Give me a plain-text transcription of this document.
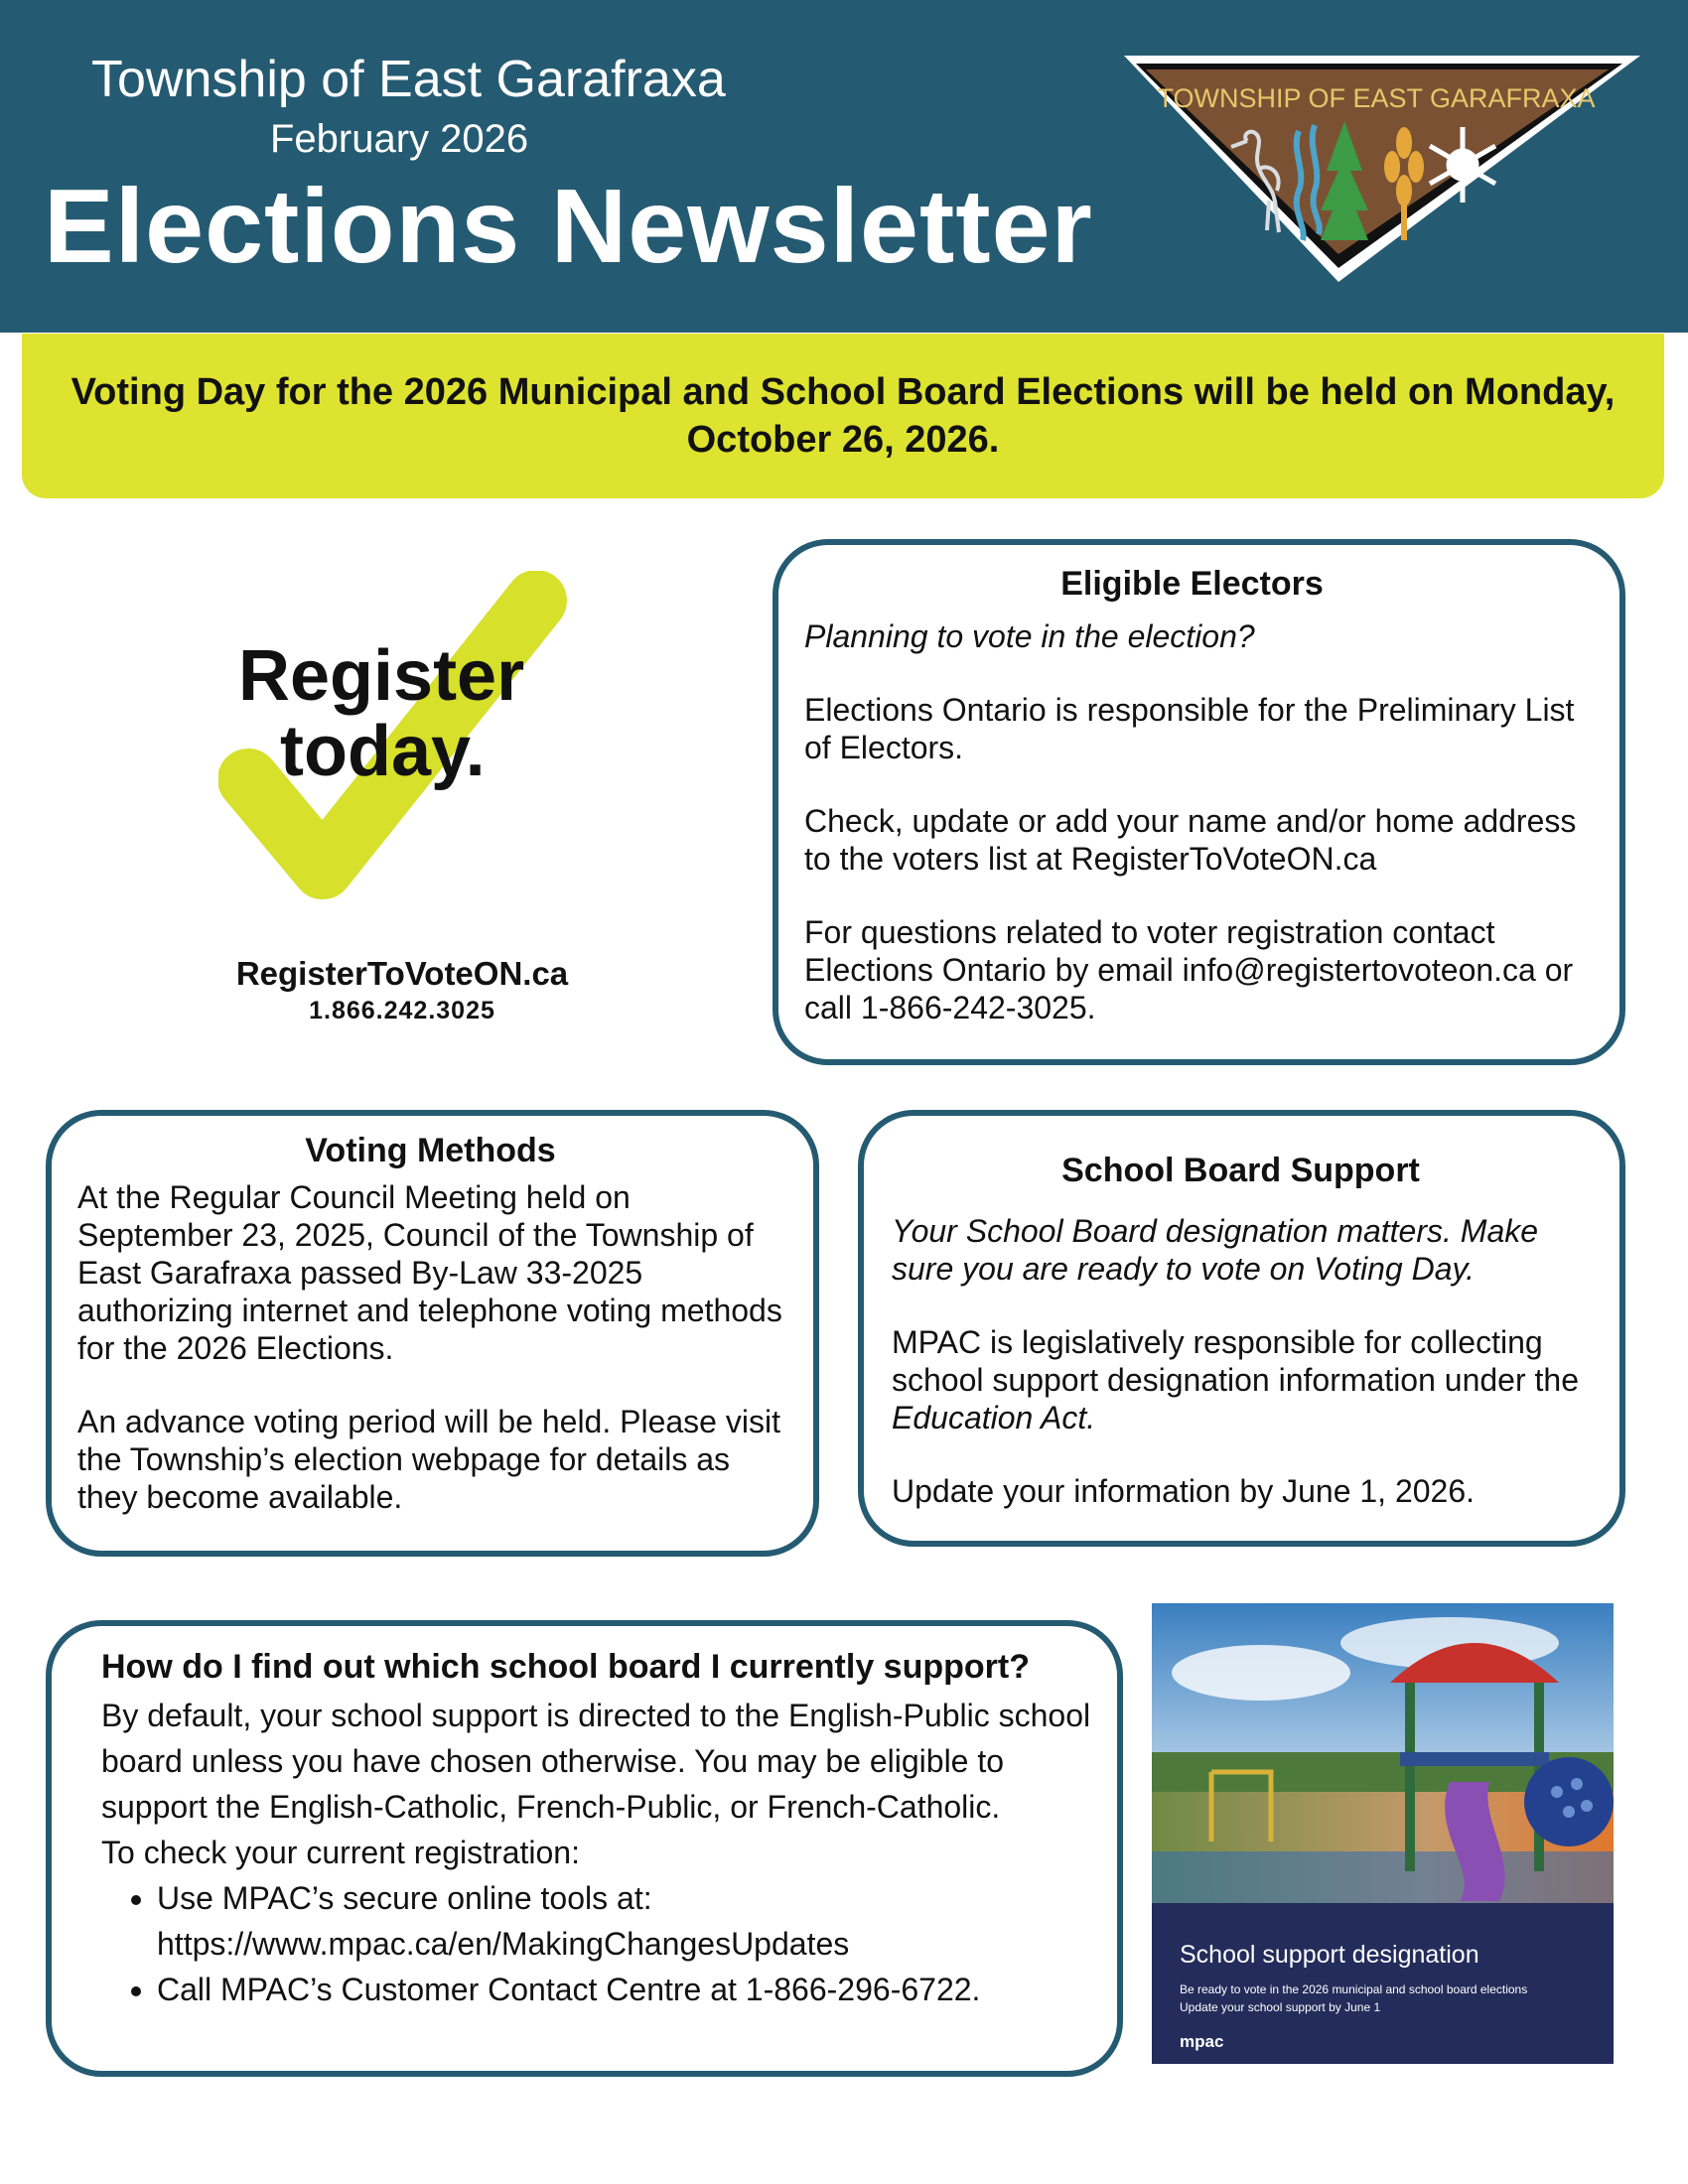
Township of East Garafraxa
February 2026
Elections Newsletter
TOWNSHIP OF EAST GARAFRAXA
Voting Day for the 2026 Municipal and School Board Elections will be held on Monday, October 26, 2026.
Register
today.
RegisterToVoteON.ca
1.866.242.3025
Eligible Electors

Planning to vote in the election?

Elections Ontario is responsible for the Preliminary List of Electors.

Check, update or add your name and/or home address to the voters list at RegisterToVoteON.ca

For questions related to voter registration contact Elections Ontario by email info@registertovoteon.ca or call 1-866-242-3025.

Voting Methods

At the Regular Council Meeting held on September 23, 2025, Council of the Township of East Garafraxa passed By-Law 33-2025 authorizing internet and telephone voting methods for the 2026 Elections.

An advance voting period will be held. Please visit the Township’s election webpage for details as they become available.

School Board Support

Your School Board designation matters. Make sure you are ready to vote on Voting Day.

MPAC is legislatively responsible for collecting school support designation information under the Education Act.

Update your information by June 1, 2026.

How do I find out which school board I currently support?

By default, your school support is directed to the English-Public school board unless you have chosen otherwise. You may be eligible to support the English-Catholic, French-Public, or French-Catholic.

To check your current registration:

• Use MPAC’s secure online tools at: https://www.mpac.ca/en/MakingChangesUpdates
• Call MPAC’s Customer Contact Centre at 1-866-296-6722.
School support designation
Be ready to vote in the 2026 municipal and school board elections
Update your school support by June 1
mpac
